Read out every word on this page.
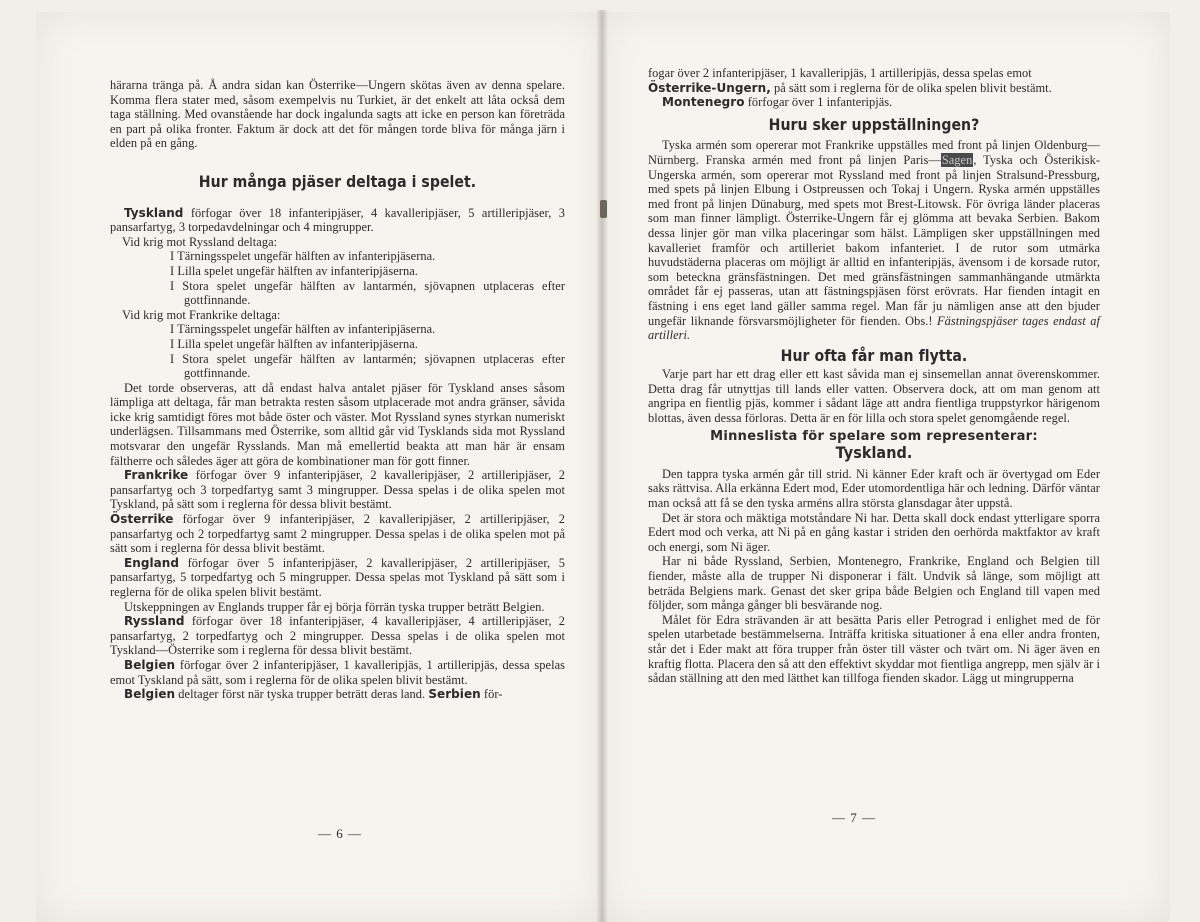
härarna tränga på. Å andra sidan kan Österrike—Ungern skötas även av denna spelare. Komma flera stater med, såsom exempelvis nu Turkiet, är det enkelt att låta också dem taga ställning. Med ovanstående har dock ingalunda sagts att icke en person kan företräda en part på olika fronter. Faktum är dock att det för mången torde bliva för många järn i elden på en gång.

Hur många pjäser deltaga i spelet.

Tyskland förfogar över 18 infanteripjäser, 4 kavalleripjäser, 5 artilleripjäser, 3 pansarfartyg, 3 torpedavdelningar och 4 mingrupper.

Vid krig mot Ryssland deltaga:

I Tärningsspelet ungefär hälften av infanteripjäserna.
I Lilla spelet ungefär hälften av infanteripjäserna.
I Stora spelet ungefär hälften av lantarmén, sjövapnen utplaceras efter gottfinnande.

Vid krig mot Frankrike deltaga:

I Tärningsspelet ungefär hälften av infanteripjäserna.
I Lilla spelet ungefär hälften av infanteripjäserna.
I Stora spelet ungefär hälften av lantarmén; sjövapnen utplaceras efter gottfinnande.

Det torde observeras, att då endast halva antalet pjäser för Tyskland anses såsom lämpliga att deltaga, får man betrakta resten såsom utplacerade mot andra gränser, såvida icke krig samtidigt föres mot både öster och väster. Mot Ryssland synes styrkan numeriskt underlägsen. Tillsammans med Österrike, som alltid går vid Tysklands sida mot Ryssland motsvarar den ungefär Rysslands. Man må emellertid beakta att man här är ensam fältherre och således äger att göra de kombinationer man för gott finner.

Frankrike förfogar över 9 infanteripjäser, 2 kavalleripjäser, 2 artilleripjäser, 2 pansarfartyg och 3 torpedfartyg samt 3 mingrupper. Dessa spelas i de olika spelen mot Tyskland, på sätt som i reglerna för dessa blivit bestämt.

Österrike förfogar över 9 infanteripjäser, 2 kavalleripjäser, 2 artilleripjäser, 2 pansarfartyg och 2 torpedfartyg samt 2 mingrupper. Dessa spelas i de olika spelen mot på sätt som i reglerna för dessa blivit bestämt.

England förfogar över 5 infanteripjäser, 2 kavalleripjäser, 2 artilleripjäser, 5 pansarfartyg, 5 torpedfartyg och 5 mingrupper. Dessa spelas mot Tyskland på sätt som i reglerna för de olika spelen blivit bestämt.

Utskeppningen av Englands trupper får ej börja förrän tyska trupper beträtt Belgien.

Ryssland förfogar över 18 infanteripjäser, 4 kavalleripjäser, 4 artilleripjäser, 2 pansarfartyg, 2 torpedfartyg och 2 mingrupper. Dessa spelas i de olika spelen mot Tyskland—Österrike som i reglerna för dessa blivit bestämt.

Belgien förfogar över 2 infanteripjäser, 1 kavalleripjäs, 1 artilleripjäs, dessa spelas emot Tyskland på sätt, som i reglerna för de olika spelen blivit bestämt.

Belgien deltager först när tyska trupper beträtt deras land. Serbien för-

— 6 —

fogar över 2 infanteripjäser, 1 kavalleripjäs, 1 artilleripjäs, dessa spelas emot

Österrike-Ungern, på sätt som i reglerna för de olika spelen blivit bestämt.

Montenegro förfogar över 1 infanteripjäs.

Huru sker uppställningen?

Tyska armén som opererar mot Frankrike uppställes med front på linjen Oldenburg—Nürnberg. Franska armén med front på linjen Paris—Sagen, Tyska och Österikisk-Ungerska armén, som opererar mot Ryssland med front på linjen Stralsund-Pressburg, med spets på linjen Elbung i Ostpreussen och Tokaj i Ungern. Ryska armén uppställes med front på linjen Dünaburg, med spets mot Brest-Litowsk. För övriga länder placeras som man finner lämpligt. Österrike-Ungern får ej glömma att bevaka Serbien. Bakom dessa linjer gör man vilka placeringar som hälst. Lämpligen sker uppställningen med kavalleriet framför och artilleriet bakom infanteriet. I de rutor som utmärka huvudstäderna placeras om möjligt är alltid en infanteripjäs, ävensom i de korsade rutor, som beteckna gränsfästningen. Det med gränsfästningen sammanhängande utmärkta området får ej passeras, utan att fästningspjäsen först erövrats. Har fienden intagit en fästning i ens eget land gäller samma regel. Man får ju nämligen anse att den bjuder ungefär liknande försvarsmöjligheter för fienden. Obs.! Fästningspjäser tages endast af artilleri.

Hur ofta får man flytta.

Varje part har ett drag eller ett kast såvida man ej sinsemellan annat överenskommer. Detta drag får utnyttjas till lands eller vatten. Observera dock, att om man genom att angripa en fientlig pjäs, kommer i sådant läge att andra fientliga truppstyrkor härigenom blottas, även dessa förloras. Detta är en för lilla och stora spelet genomgående regel.

Minneslista för spelare som representerar:
Tyskland.

Den tappra tyska armén går till strid. Ni känner Eder kraft och är övertygad om Eder saks rättvisa. Alla erkänna Edert mod, Eder utomordentliga här och ledning. Därför väntar man också att få se den tyska arméns allra största glansdagar åter uppstå.

Det är stora och mäktiga motståndare Ni har. Detta skall dock endast ytterligare sporra Edert mod och verka, att Ni på en gång kastar i striden den oerhörda maktfaktor av kraft och energi, som Ni äger.

Har ni både Ryssland, Serbien, Montenegro, Frankrike, England och Belgien till fiender, måste alla de trupper Ni disponerar i fält. Undvik så länge, som möjligt att beträda Belgiens mark. Genast det sker gripa både Belgien och England till vapen med följder, som många gånger bli besvärande nog.

Målet för Edra strävanden är att besätta Paris eller Petrograd i enlighet med de för spelen utarbetade bestämmelserna. Inträffa kritiska situationer å ena eller andra fronten, står det i Eder makt att föra trupper från öster till väster och tvärt om. Ni äger även en kraftig flotta. Placera den så att den effektivt skyddar mot fientliga angrepp, men själv är i sådan ställning att den med lätthet kan tillfoga fienden skador. Lägg ut mingrupperna

— 7 —
